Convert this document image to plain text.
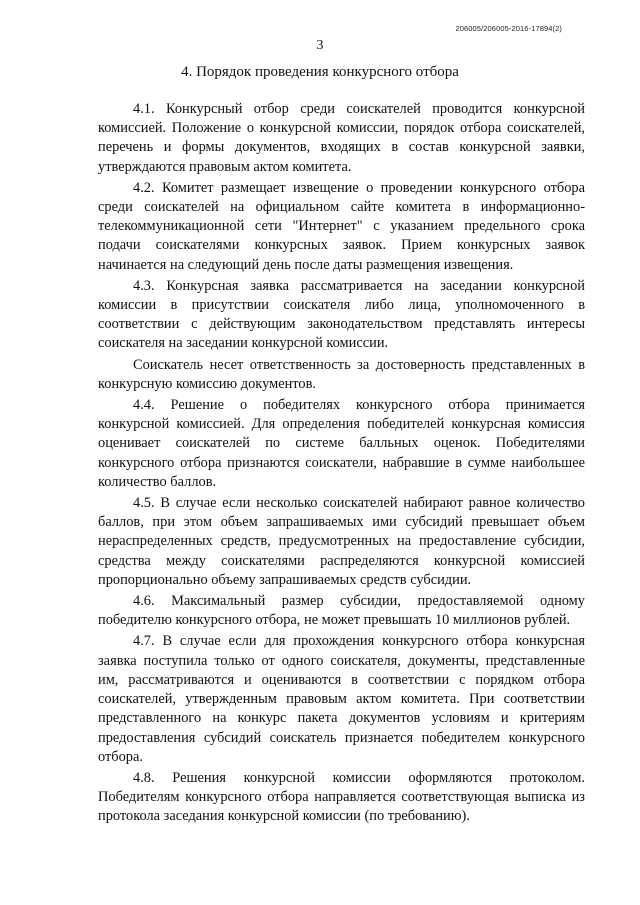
206005/206005-2016-17894(2)
3
4. Порядок проведения конкурсного отбора

4.1. Конкурсный отбор среди соискателей проводится конкурсной комиссией. Положение о конкурсной комиссии, порядок отбора соискателей, перечень и формы документов, входящих в состав конкурсной заявки, утверждаются правовым актом комитета.

4.2. Комитет размещает извещение о проведении конкурсного отбора среди соискателей на официальном сайте комитета в информационно-телекоммуникационной сети "Интернет" с указанием предельного срока подачи соискателями конкурсных заявок. Прием конкурсных заявок начинается на следующий день после даты размещения извещения.

4.3. Конкурсная заявка рассматривается на заседании конкурсной комиссии в присутствии соискателя либо лица, уполномоченного в соответствии с действующим законодательством представлять интересы соискателя на заседании конкурсной комиссии.

Соискатель несет ответственность за достоверность представленных в конкурсную комиссию документов.

4.4. Решение о победителях конкурсного отбора принимается конкурсной комиссией. Для определения победителей конкурсная комиссия оценивает соискателей по системе балльных оценок. Победителями конкурсного отбора признаются соискатели, набравшие в сумме наибольшее количество баллов.

4.5. В случае если несколько соискателей набирают равное количество баллов, при этом объем запрашиваемых ими субсидий превышает объем нераспределенных средств, предусмотренных на предоставление субсидии, средства между соискателями распределяются конкурсной комиссией пропорционально объему запрашиваемых средств субсидии.

4.6. Максимальный размер субсидии, предоставляемой одному победителю конкурсного отбора, не может превышать 10 миллионов рублей.

4.7. В случае если для прохождения конкурсного отбора конкурсная заявка поступила только от одного соискателя, документы, представленные им, рассматриваются и оцениваются в соответствии с порядком отбора соискателей, утвержденным правовым актом комитета. При соответствии представленного на конкурс пакета документов условиям и критериям предоставления субсидий соискатель признается победителем конкурсного отбора.

4.8. Решения конкурсной комиссии оформляются протоколом. Победителям конкурсного отбора направляется соответствующая выписка из протокола заседания конкурсной комиссии (по требованию).
